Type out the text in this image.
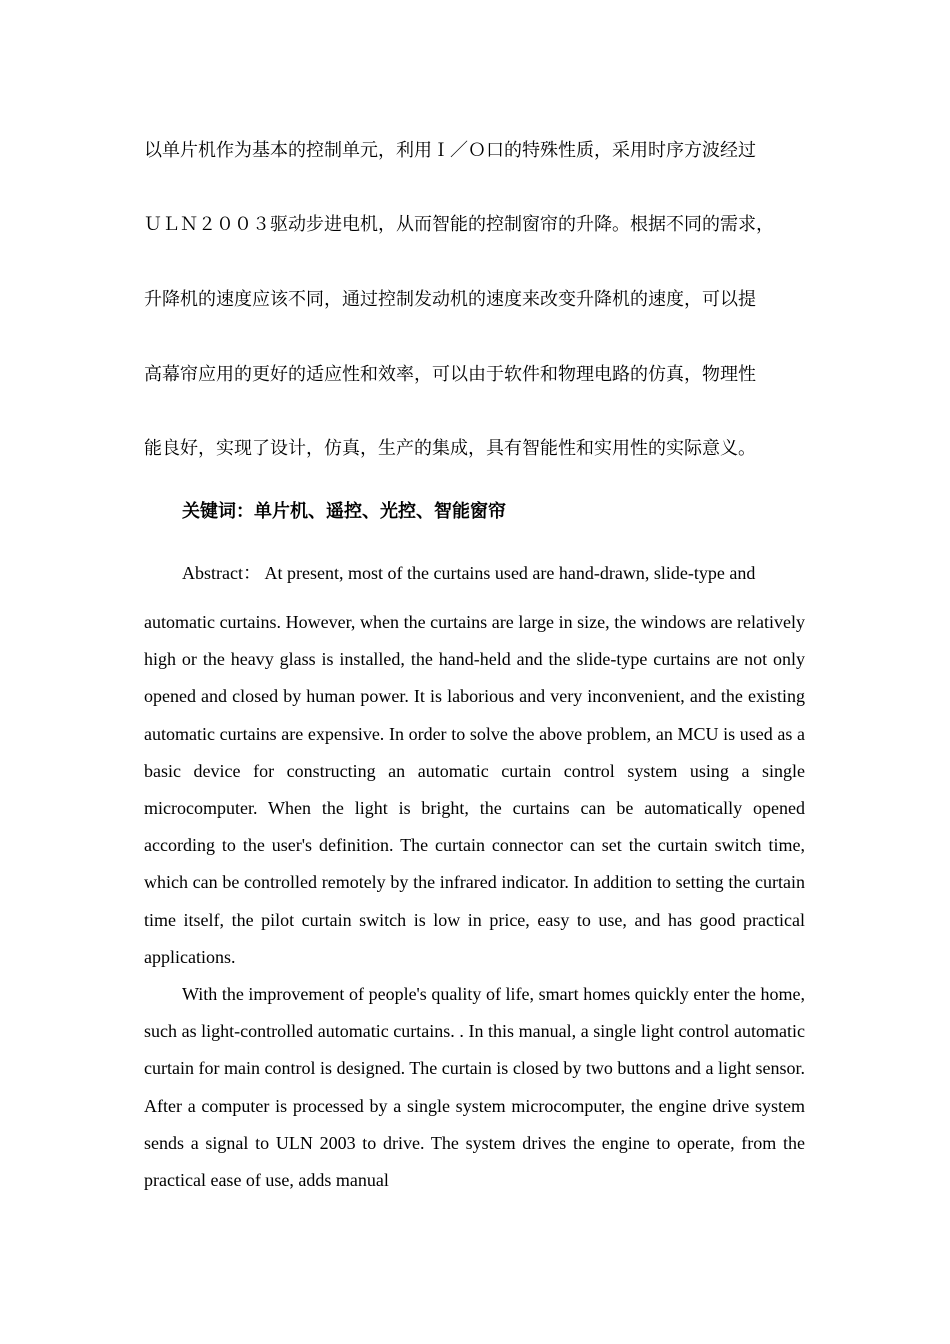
以单片机作为基本的控制单元，利用Ｉ／Ｏ口的特殊性质，采用时序方波经过
ＵＬＮ２００３驱动步进电机，从而智能的控制窗帘的升降。根据不同的需求，
升降机的速度应该不同，通过控制发动机的速度来改变升降机的速度，可以提
高幕帘应用的更好的适应性和效率，可以由于软件和物理电路的仿真，物理性
能良好，实现了设计，仿真，生产的集成，具有智能性和实用性的实际意义。
关键词：单片机、遥控、光控、智能窗帘
Abstract： At present, most of the curtains used are hand-drawn, slide-type and
automatic curtains. However, when the curtains are large in size, the windows are relatively high or the heavy glass is installed, the hand-held and the slide-type curtains are not only opened and closed by human power. It is laborious and very inconvenient, and the existing automatic curtains are expensive. In order to solve the above problem, an MCU is used as a basic device for constructing an automatic curtain control system using a single microcomputer. When the light is bright, the curtains can be automatically opened according to the user's definition. The curtain connector can set the curtain switch time, which can be controlled remotely by the infrared indicator. In addition to setting the curtain time itself, the pilot curtain switch is low in price, easy to use, and has good practical applications.
With the improvement of people's quality of life, smart homes quickly enter the home, such as light-controlled automatic curtains. . In this manual, a single light control automatic curtain for main control is designed. The curtain is closed by two buttons and a light sensor. After a computer is processed by a single system microcomputer, the engine drive system sends a signal to ULN 2003 to drive. The system drives the engine to operate, from the practical ease of use, adds manual
